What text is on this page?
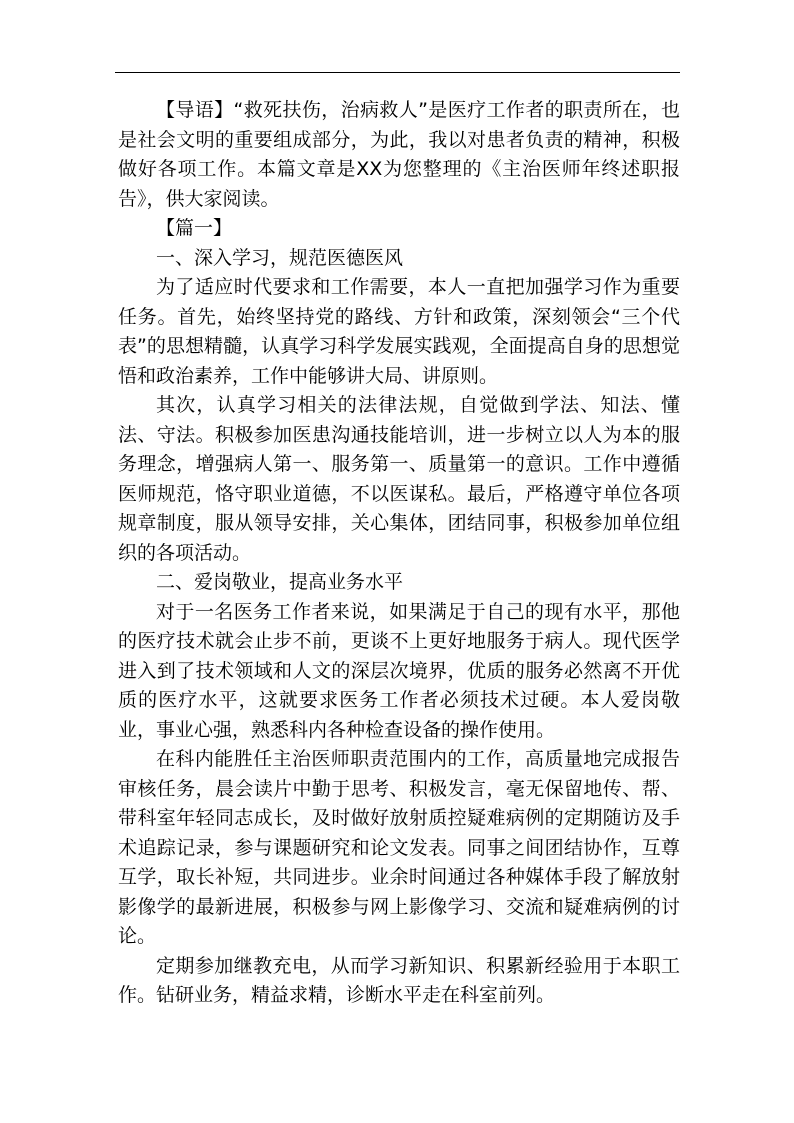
【导语】“救死扶伤，治病救人”是医疗工作者的职责所在，也是社会文明的重要组成部分，为此，我以对患者负责的精神，积极做好各项工作。本篇文章是XX为您整理的《主治医师年终述职报告》，供大家阅读。

【篇一】

一、深入学习，规范医德医风

为了适应时代要求和工作需要，本人一直把加强学习作为重要任务。首先，始终坚持党的路线、方针和政策，深刻领会“三个代表”的思想精髓，认真学习科学发展实践观，全面提高自身的思想觉悟和政治素养，工作中能够讲大局、讲原则。

其次，认真学习相关的法律法规，自觉做到学法、知法、懂法、守法。积极参加医患沟通技能培训，进一步树立以人为本的服务理念，增强病人第一、服务第一、质量第一的意识。工作中遵循医师规范，恪守职业道德，不以医谋私。最后，严格遵守单位各项规章制度，服从领导安排，关心集体，团结同事，积极参加单位组织的各项活动。

二、爱岗敬业，提高业务水平

对于一名医务工作者来说，如果满足于自己的现有水平，那他的医疗技术就会止步不前，更谈不上更好地服务于病人。现代医学进入到了技术领域和人文的深层次境界，优质的服务必然离不开优质的医疗水平，这就要求医务工作者必须技术过硬。本人爱岗敬业，事业心强，熟悉科内各种检查设备的操作使用。

在科内能胜任主治医师职责范围内的工作，高质量地完成报告审核任务，晨会读片中勤于思考、积极发言，毫无保留地传、帮、带科室年轻同志成长，及时做好放射质控疑难病例的定期随访及手术追踪记录，参与课题研究和论文发表。同事之间团结协作，互尊互学，取长补短，共同进步。业余时间通过各种媒体手段了解放射影像学的最新进展，积极参与网上影像学习、交流和疑难病例的讨论。

定期参加继教充电，从而学习新知识、积累新经验用于本职工作。钻研业务，精益求精，诊断水平走在科室前列。
